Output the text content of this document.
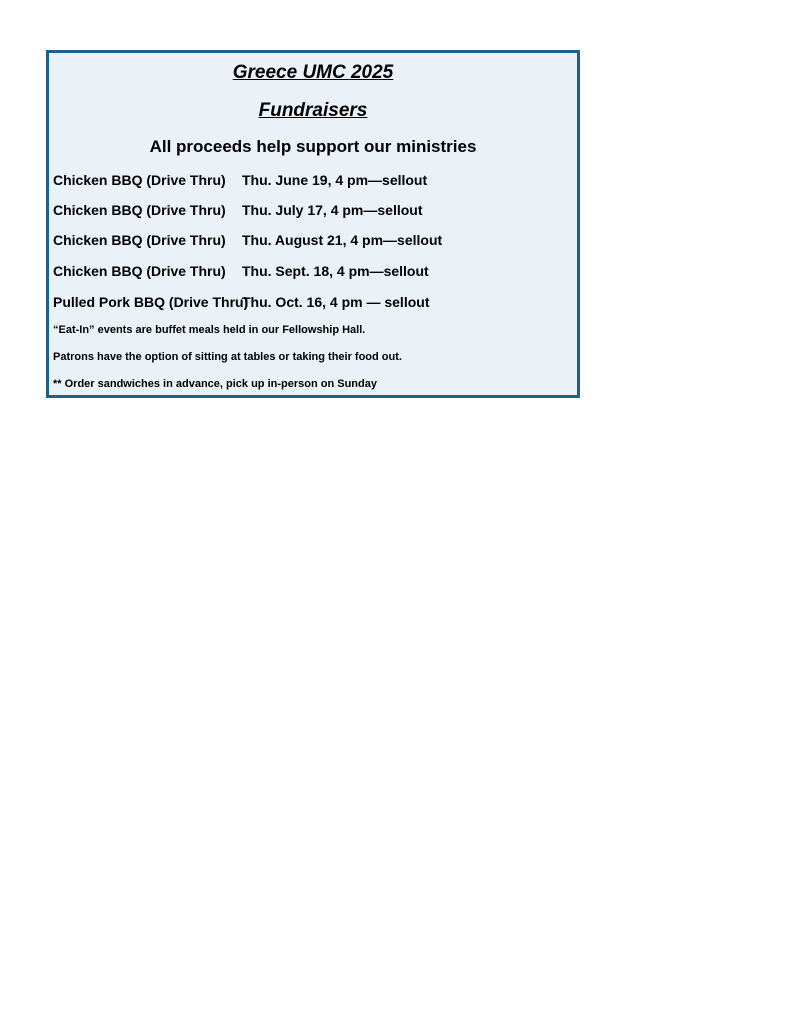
Greece UMC 2025
Fundraisers
All proceeds help support our ministries
Chicken BBQ (Drive Thru) Thu. June 19, 4 pm—sellout
Chicken BBQ (Drive Thru) Thu. July 17, 4 pm—sellout
Chicken BBQ (Drive Thru) Thu. August 21, 4 pm—sellout
Chicken BBQ (Drive Thru) Thu. Sept. 18, 4 pm—sellout
Pulled Pork BBQ (Drive Thru)
Thu. Oct. 16, 4 pm — sellout
“Eat-In” events are buffet meals held in our Fellowship Hall.
Patrons have the option of sitting at tables or taking their food out.
** Order sandwiches in advance, pick up in-person on Sunday
